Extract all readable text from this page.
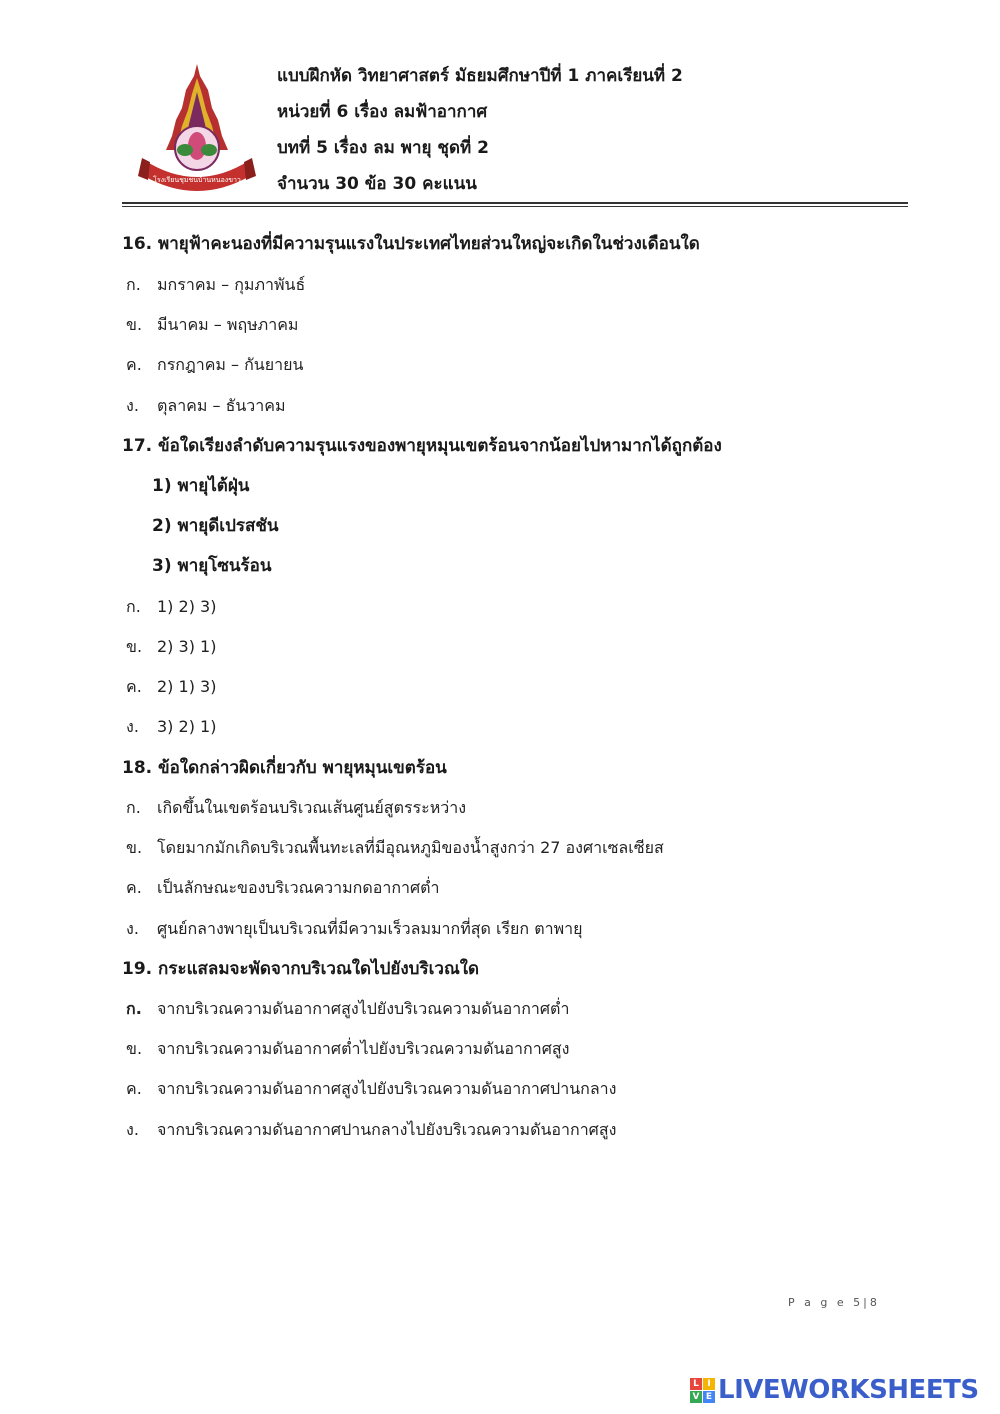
โรงเรียนชุมชนบ้านหนองขาว
แบบฝึกหัด วิทยาศาสตร์ มัธยมศึกษาปีที่ 1 ภาคเรียนที่ 2
หน่วยที่ 6 เรื่อง ลมฟ้าอากาศ
บทที่ 5 เรื่อง ลม พายุ ชุดที่ 2
จำนวน 30 ข้อ 30 คะแนน
16. พายุฟ้าคะนองที่มีความรุนแรงในประเทศไทยส่วนใหญ่จะเกิดในช่วงเดือนใด
ก. มกราคม – กุมภาพันธ์
ข. มีนาคม – พฤษภาคม
ค. กรกฎาคม – กันยายน
ง. ตุลาคม – ธันวาคม
17. ข้อใดเรียงลำดับความรุนแรงของพายุหมุนเขตร้อนจากน้อยไปหามากได้ถูกต้อง
1) พายุไต้ฝุ่น
2) พายุดีเปรสชัน
3) พายุโซนร้อน
ก. 1) 2) 3)
ข. 2) 3) 1)
ค. 2) 1) 3)
ง. 3) 2) 1)
18. ข้อใดกล่าวผิดเกี่ยวกับ พายุหมุนเขตร้อน
ก. เกิดขึ้นในเขตร้อนบริเวณเส้นศูนย์สูตรระหว่าง
ข. โดยมากมักเกิดบริเวณพื้นทะเลที่มีอุณหภูมิของน้ำสูงกว่า 27 องศาเซลเซียส
ค. เป็นลักษณะของบริเวณความกดอากาศต่ำ
ง. ศูนย์กลางพายุเป็นบริเวณที่มีความเร็วลมมากที่สุด เรียก ตาพายุ
19. กระแสลมจะพัดจากบริเวณใดไปยังบริเวณใด
ก. จากบริเวณความดันอากาศสูงไปยังบริเวณความดันอากาศต่ำ
ข. จากบริเวณความดันอากาศต่ำไปยังบริเวณความดันอากาศสูง
ค. จากบริเวณความดันอากาศสูงไปยังบริเวณความดันอากาศปานกลาง
ง. จากบริเวณความดันอากาศปานกลางไปยังบริเวณความดันอากาศสูง
P a g e 5|8
L I
V E LIVEWORKSHEETS
